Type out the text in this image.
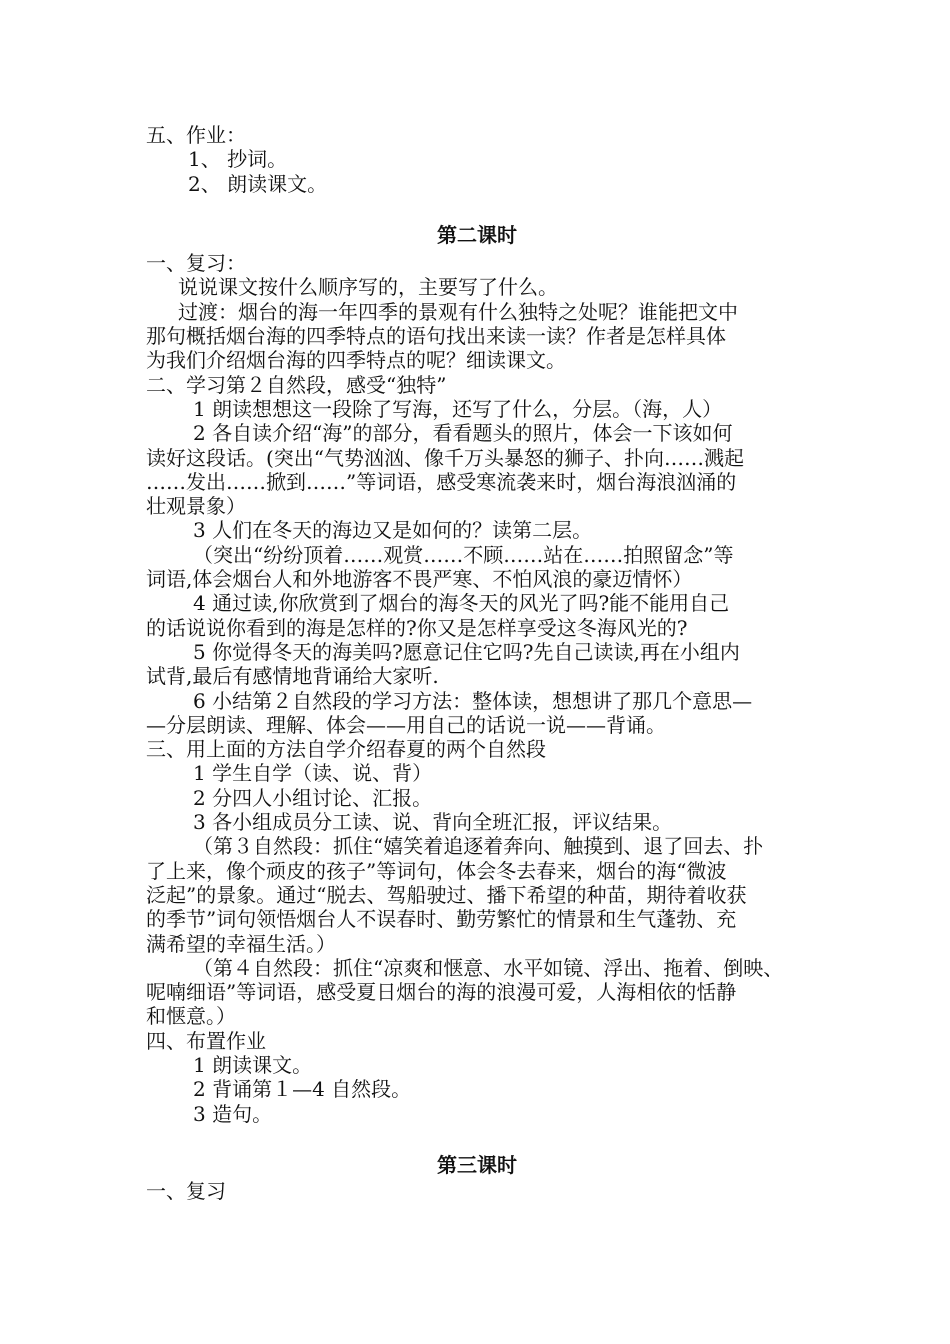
五、作业：
1、 抄词。
2、 朗读课文。
第二课时
一、复习：
说说课文按什么顺序写的，主要写了什么。
过渡：烟台的海一年四季的景观有什么独特之处呢？谁能把文中
那句概括烟台海的四季特点的语句找出来读一读？作者是怎样具体
为我们介绍烟台海的四季特点的呢？细读课文。
二、学习第２自然段，感受“独特”
1 朗读想想这一段除了写海，还写了什么，分层。（海，人）
2 各自读介绍“海”的部分，看看题头的照片，体会一下该如何
读好这段话。(突出“气势汹汹、像千万头暴怒的狮子、扑向……溅起
……发出……掀到……”等词语，感受寒流袭来时，烟台海浪汹涌的
壮观景象）
3 人们在冬天的海边又是如何的？读第二层。
（突出“纷纷顶着……观赏……不顾……站在……拍照留念”等
词语,体会烟台人和外地游客不畏严寒、不怕风浪的豪迈情怀）
4 通过读,你欣赏到了烟台的海冬天的风光了吗?能不能用自己
的话说说你看到的海是怎样的?你又是怎样享受这冬海风光的?
5 你觉得冬天的海美吗?愿意记住它吗?先自己读读,再在小组内
试背,最后有感情地背诵给大家听.
6 小结第２自然段的学习方法：整体读，想想讲了那几个意思—
—分层朗读、理解、体会——用自己的话说一说——背诵。
三、用上面的方法自学介绍春夏的两个自然段
1 学生自学（读、说、背）
2 分四人小组讨论、汇报。
3 各小组成员分工读、说、背向全班汇报，评议结果。
（第３自然段：抓住“嬉笑着追逐着奔向、触摸到、退了回去、扑
了上来，像个顽皮的孩子”等词句，体会冬去春来，烟台的海“微波
泛起”的景象。通过“脱去、驾船驶过、播下希望的种苗，期待着收获
的季节”词句领悟烟台人不误春时、勤劳繁忙的情景和生气蓬勃、充
满希望的幸福生活。）
（第４自然段：抓住“凉爽和惬意、水平如镜、浮出、拖着、倒映、
呢喃细语”等词语，感受夏日烟台的海的浪漫可爱，人海相依的恬静
和惬意。）
四、布置作业
1 朗读课文。
2 背诵第１—4 自然段。
3 造句。
第三课时
一、复习
